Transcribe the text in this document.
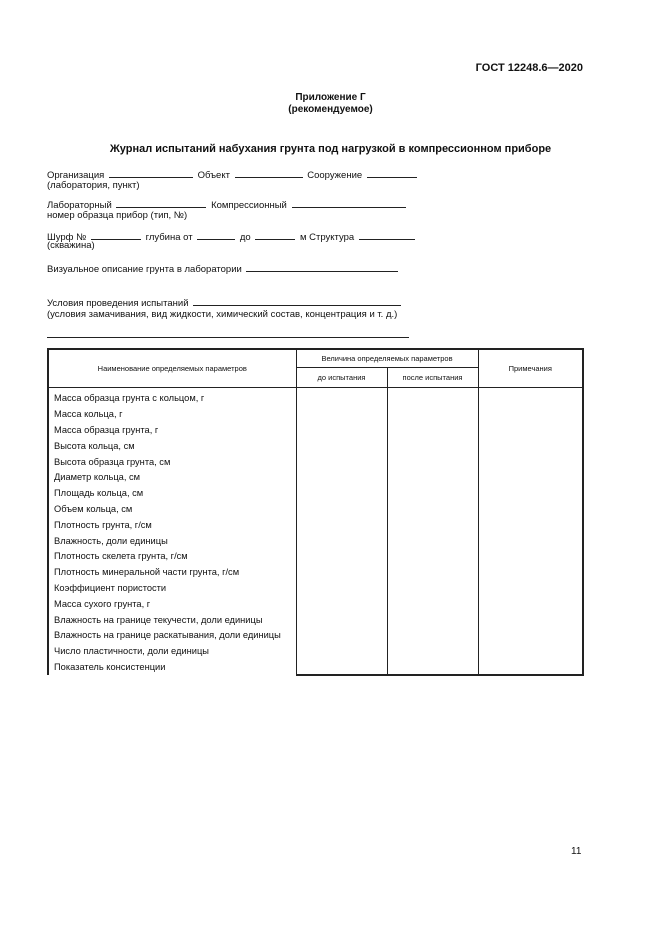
ГОСТ 12248.6—2020
Приложение Г
(рекомендуемое)
Журнал испытаний набухания грунта под нагрузкой в компрессионном приборе
Организация	Объект	Сооружение
(лаборатория, пункт)
Лабораторный	Компрессионный
номер образца прибор (тип, №)
Шурф №	глубина от	до	м Структура
(скважина)
Визуальное описание грунта в лаборатории
Условия проведения испытаний
(условия замачивания, вид жидкости, химический состав, концентрация и т. д.)
Наименование определяемых параметров	Величина определяемых параметров		Примечания
	до испытания	после испытания	
Масса образца грунта с кольцом, г			
Масса кольца, г			
Масса образца грунта, г			
Высота кольца, см			
Высота образца грунта, см			
Диаметр кольца, см			
Площадь кольца, см			
Объем кольца, см			
Плотность грунта, г/см			
Влажность, доли единицы			
Плотность скелета грунта, г/см			
Плотность минеральной части грунта, г/см			
Коэффициент пористости			
Масса сухого грунта, г			
Влажность на границе текучести, доли единицы			
Влажность на границе раскатывания, доли единицы			
Число пластичности, доли единицы			
Показатель консистенции			
11
